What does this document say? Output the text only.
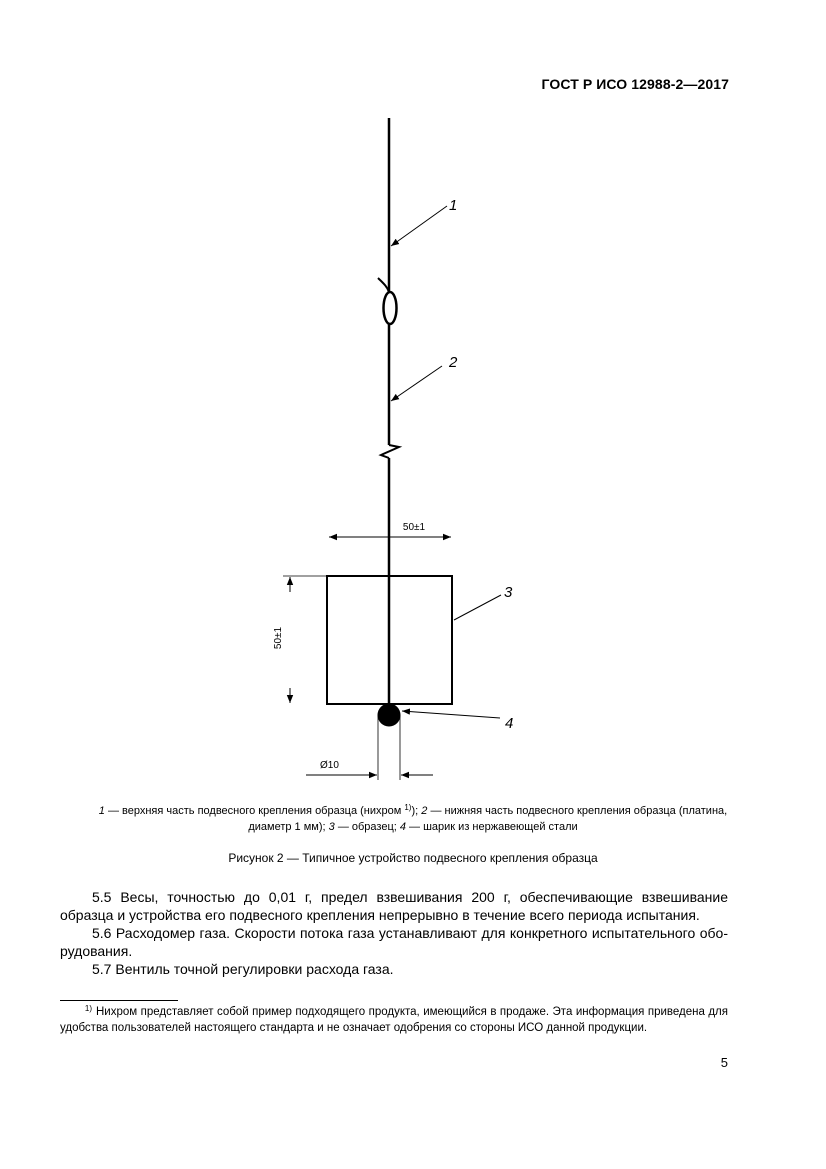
ГОСТ Р ИСО 12988-2—2017
1
2
3
4
50±1
50±1
Ø10
1 — верхняя часть подвесного крепления образца (нихром $^{1)}$); 2 — нижняя часть подвесного крепления образца (платина, диаметр 1 мм); 3 — образец; 4 — шарик из нержавеющей стали
Рисунок 2 — Типичное устройство подвесного крепления образца

5.5 Весы, точностью до 0,01 г, предел взвешивания 200 г, обеспечивающие взвешивание образца и устройства его подвесного крепления непрерывно в течение всего периода испытания.

5.6 Расходомер газа. Скорости потока газа устанавливают для конкретного испытательного оборудования.

5.7 Вентиль точной регулировки расхода газа.

$^{1)}$ Нихром представляет собой пример подходящего продукта, имеющийся в продаже. Эта информация приведена для удобства пользователей настоящего стандарта и не означает одобрения со стороны ИСО данной продукции.
5
